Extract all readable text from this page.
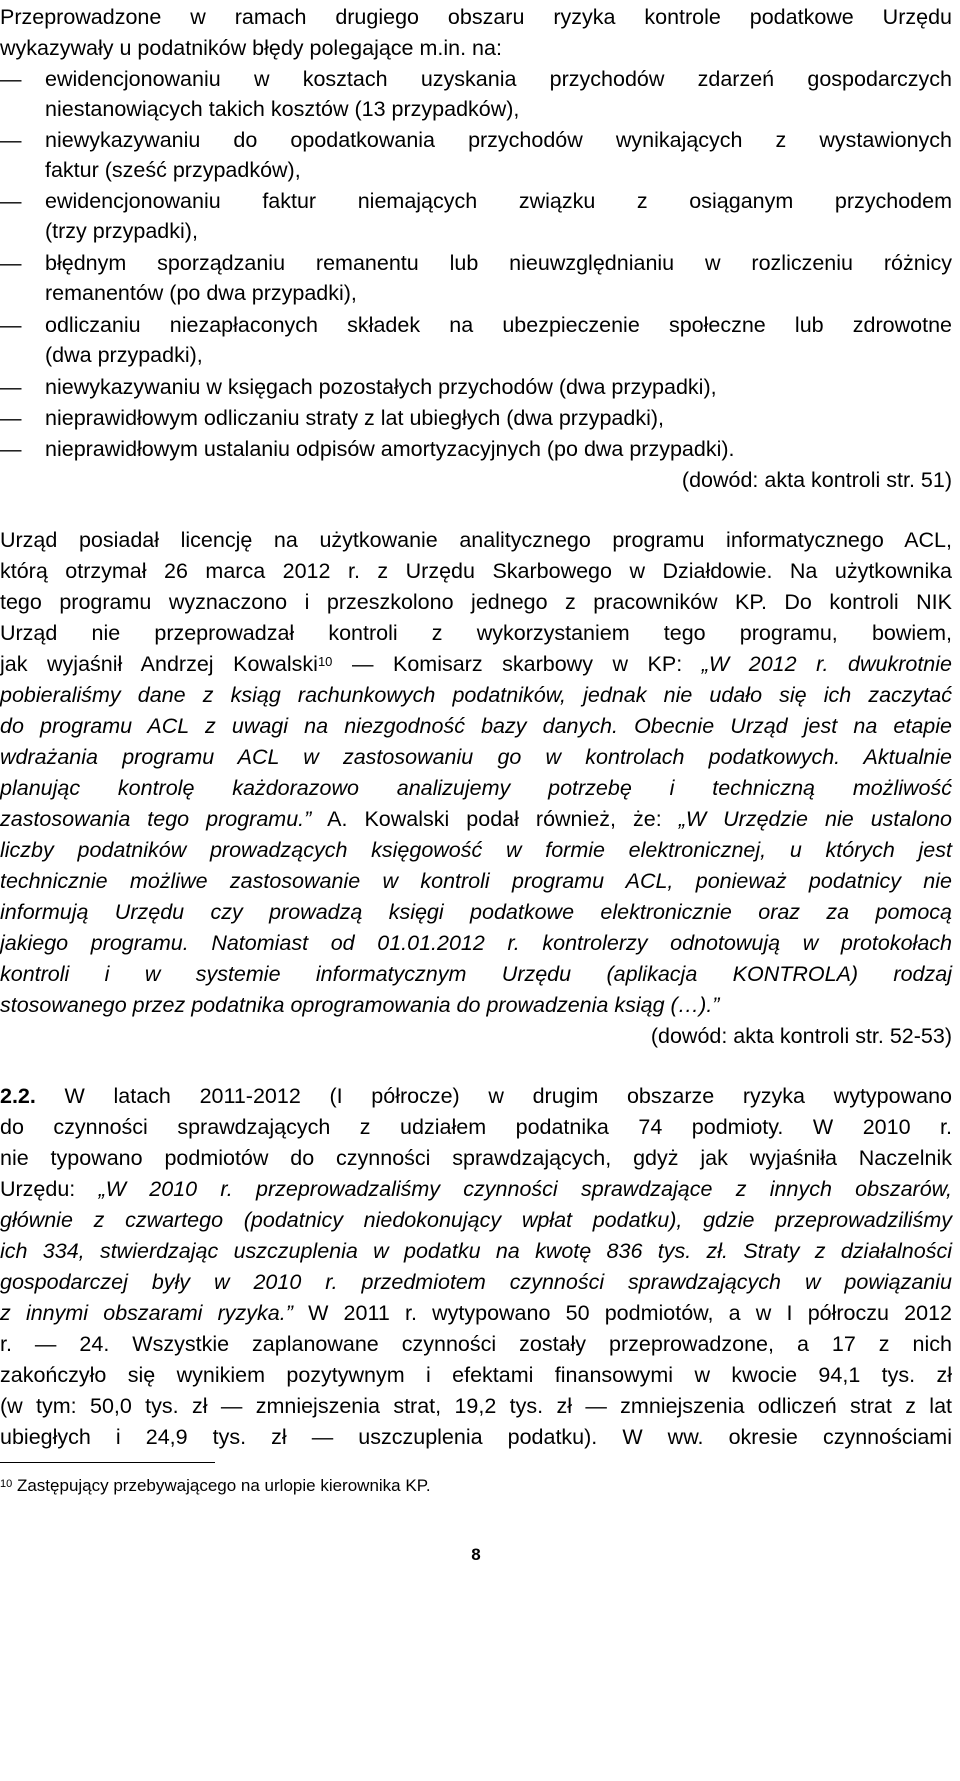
Przeprowadzone w ramach drugiego obszaru ryzyka kontrole podatkowe Urzędu
wykazywały u podatników błędy polegające m.in. na:
— ewidencjonowaniu w kosztach uzyskania przychodów zdarzeń gospodarczych
niestanowiących takich kosztów (13 przypadków),
— niewykazywaniu do opodatkowania przychodów wynikających z wystawionych
faktur (sześć przypadków),
— ewidencjonowaniu faktur niemających związku z osiąganym przychodem
(trzy przypadki),
— błędnym sporządzaniu remanentu lub nieuwzględnianiu w rozliczeniu różnicy
remanentów (po dwa przypadki),
— odliczaniu niezapłaconych składek na ubezpieczenie społeczne lub zdrowotne
(dwa przypadki),
— niewykazywaniu w księgach pozostałych przychodów (dwa przypadki),
— nieprawidłowym odliczaniu straty z lat ubiegłych (dwa przypadki),
— nieprawidłowym ustalaniu odpisów amortyzacyjnych (po dwa przypadki).
(dowód: akta kontroli str. 51)
Urząd posiadał licencję na użytkowanie analitycznego programu informatycznego ACL,
którą otrzymał 26 marca 2012 r. z Urzędu Skarbowego w Działdowie. Na użytkownika
tego programu wyznaczono i przeszkolono jednego z pracowników KP. Do kontroli NIK
Urząd nie przeprowadzał kontroli z wykorzystaniem tego programu, bowiem,
jak wyjaśnił Andrzej Kowalski$^{10}$ — Komisarz skarbowy w KP: „W 2012 r. dwukrotnie
pobieraliśmy dane z ksiąg rachunkowych podatników, jednak nie udało się ich zaczytać
do programu ACL z uwagi na niezgodność bazy danych. Obecnie Urząd jest na etapie
wdrażania programu ACL w zastosowaniu go w kontrolach podatkowych. Aktualnie
planując kontrolę każdorazowo analizujemy potrzebę i techniczną możliwość
zastosowania tego programu.” A. Kowalski podał również, że: „W Urzędzie nie ustalono
liczby podatników prowadzących księgowość w formie elektronicznej, u których jest
technicznie możliwe zastosowanie w kontroli programu ACL, ponieważ podatnicy nie
informują Urzędu czy prowadzą księgi podatkowe elektronicznie oraz za pomocą
jakiego programu. Natomiast od 01.01.2012 r. kontrolerzy odnotowują w protokołach
kontroli i w systemie informatycznym Urzędu (aplikacja KONTROLA) rodzaj
stosowanego przez podatnika oprogramowania do prowadzenia ksiąg (…).”
(dowód: akta kontroli str. 52-53)
2.2. W latach 2011-2012 (I półrocze) w drugim obszarze ryzyka wytypowano
do czynności sprawdzających z udziałem podatnika 74 podmioty. W 2010 r.
nie typowano podmiotów do czynności sprawdzających, gdyż jak wyjaśniła Naczelnik
Urzędu: „W 2010 r. przeprowadzaliśmy czynności sprawdzające z innych obszarów,
głównie z czwartego (podatnicy niedokonujący wpłat podatku), gdzie przeprowadziliśmy
ich 334, stwierdzając uszczuplenia w podatku na kwotę 836 tys. zł. Straty z działalności
gospodarczej były w 2010 r. przedmiotem czynności sprawdzających w powiązaniu
z innymi obszarami ryzyka.” W 2011 r. wytypowano 50 podmiotów, a w I półroczu 2012
r. — 24. Wszystkie zaplanowane czynności zostały przeprowadzone, a 17 z nich
zakończyło się wynikiem pozytywnym i efektami finansowymi w kwocie 94,1 tys. zł
(w tym: 50,0 tys. zł — zmniejszenia strat, 19,2 tys. zł — zmniejszenia odliczeń strat z lat
ubiegłych i 24,9 tys. zł — uszczuplenia podatku). W ww. okresie czynnościami
$^{10}$ Zastępujący przebywającego na urlopie kierownika KP.
8
